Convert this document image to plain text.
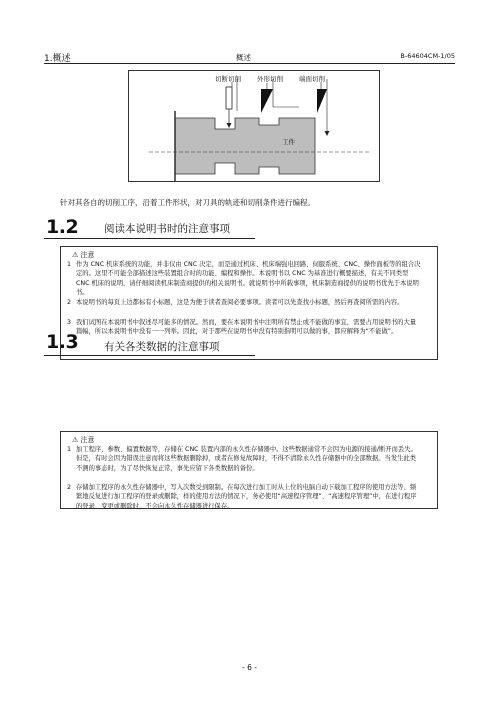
1.概述	概述	B-64604CM-1/05
切断切削 外形切削 端面切削
工件
针对其各自的切削工序，沿着工件形状，对刀具的轨迹和切削条件进行编程。
1.2 阅读本说明书时的注意事项
⚠ 注意
1 作为 CNC 机床系统的功能，并非仅由 CNC 决定，而是通过机床、机床端强电回路、伺服系统、CNC、操作面板等的组合决定的。这里不可能全部描述这些装置组合时的功能、编程和操作。本说明书以 CNC 为基准进行概要描述，有关不同类型 CNC 机床的说明，请仔细阅读机床制造商提供的相关说明书。就说明书中所载事项，机床制造商提供的说明书优先于本说明书。
2 本说明书的每页上边都标有小标题，这是为便于读者查阅必要事项。读者可以先查找小标题，然后再查阅所需的内容。
3 我们试图在本说明书中叙述尽可能多的情况。然而，要在本说明书中注明所有禁止或不能做的事宜，需要占用说明书的大量篇幅，所以本说明书中没有一一列举。因此，对于那些在说明书中没有特别指明可以做的事，都应解释为“不能做”。
1.3 有关各类数据的注意事项
⚠ 注意
1 加工程序、参数、偏置数据等，存储在 CNC 装置内部的永久性存储器中。这些数据通常不会因为电源的接通/断开而丢失。但是，有时会因为错误注意而将这些数据删除掉，或者在修复故障时，不得不清除永久性存储器中的全部数据。当发生此类不测的事态时，为了尽快恢复正常，事先应留下各类数据的备份。
2 存储加工程序的永久性存储器中，写入次数受到限制。在每次进行加工时从上位的电脑自动下载加工程序的使用方法等、频繁地反复进行加工程序的登录或删除，样的使用方法的情况下，务必使用“高速程序管理”、“高速程序管理”中，在进行程序的登录、变更或删除时，不会向永久性存储器进行保存。
- 6 -
